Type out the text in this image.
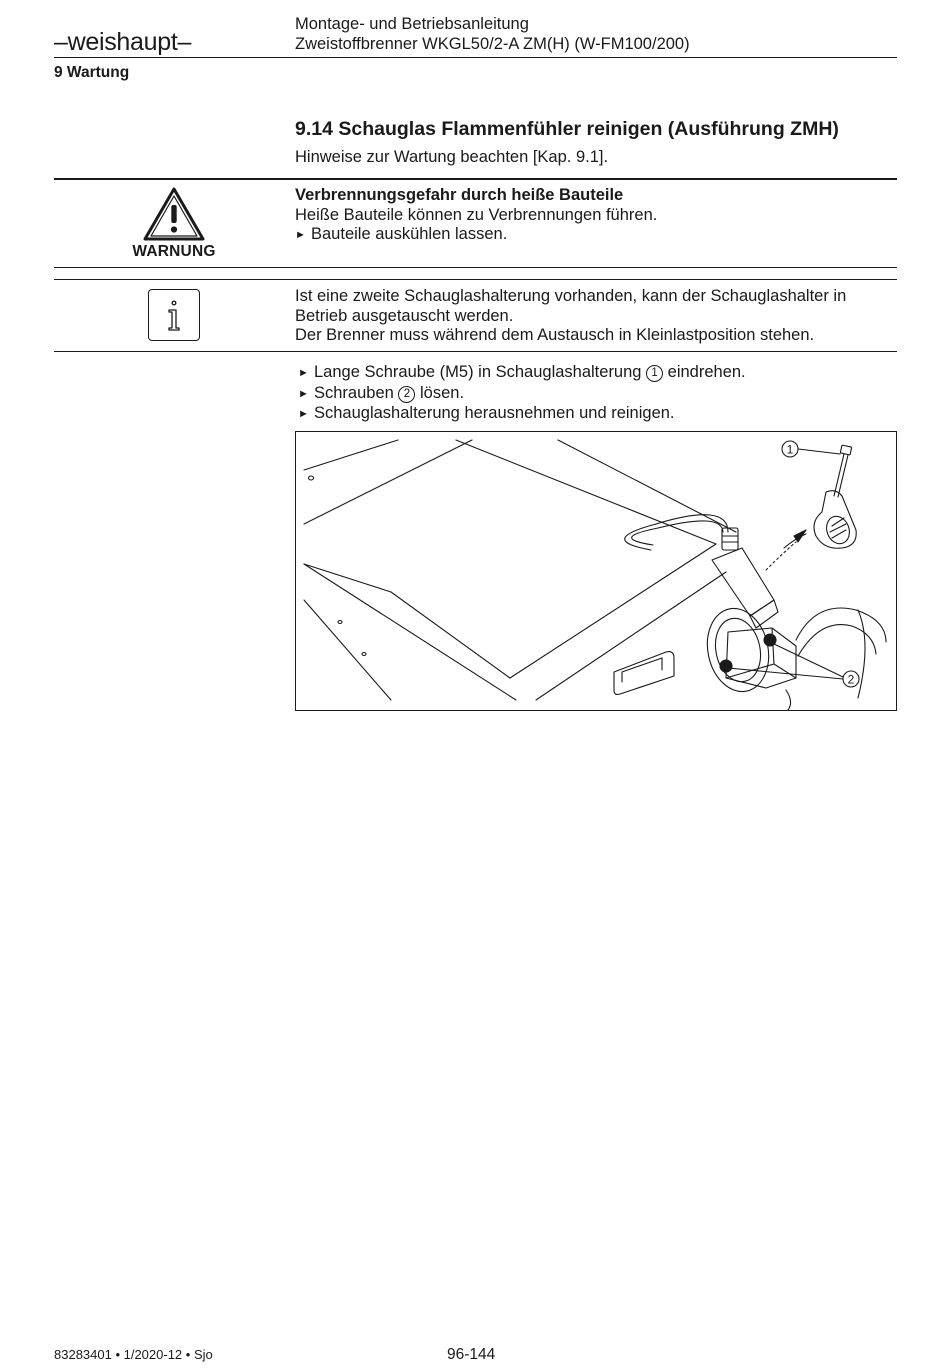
–weishaupt–
Montage- und Betriebsanleitung
Zweistoffbrenner WKGL50/2-A ZM(H) (W-FM100/200)
9 Wartung
9.14 Schauglas Flammenfühler reinigen (Ausführung ZMH)
Hinweise zur Wartung beachten [Kap. 9.1].
WARNUNG
Verbrennungsgefahr durch heiße Bauteile
Heiße Bauteile können zu Verbrennungen führen.
► Bauteile auskühlen lassen.
Ist eine zweite Schauglashalterung vorhanden, kann der Schauglashalter in Betrieb ausgetauscht werden.
Der Brenner muss während dem Austausch in Kleinlastposition stehen.
► Lange Schraube (M5) in Schauglashalterung 1 eindrehen.
► Schrauben 2 lösen.
► Schauglashalterung herausnehmen und reinigen.
1
2
83283401 • 1/2020-12 • Sjo	96-144
